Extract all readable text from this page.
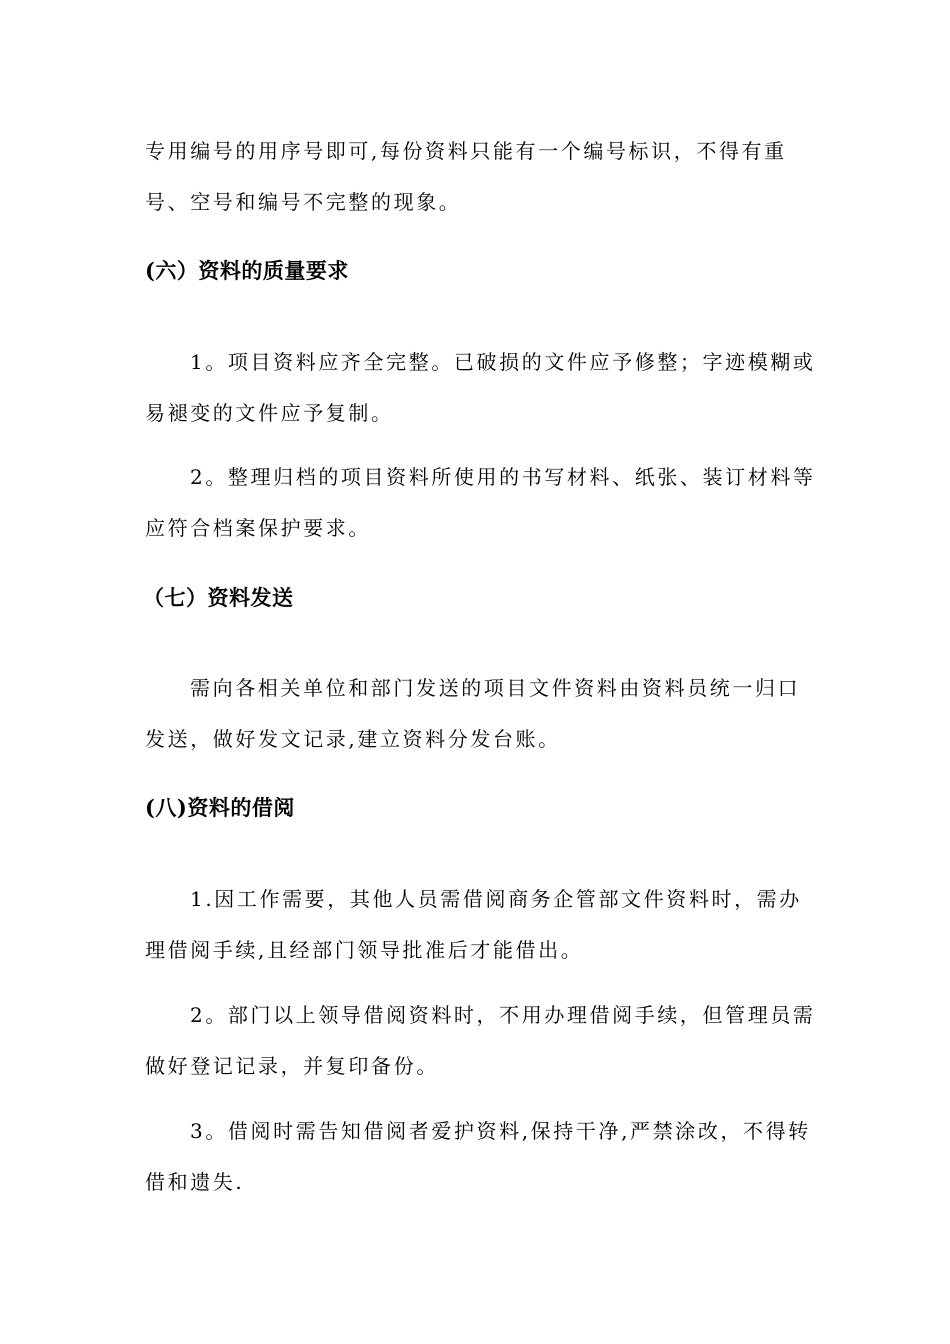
专用编号的用序号即可,每份资料只能有一个编号标识，不得有重
号、空号和编号不完整的现象。
(六）资料的质量要求
1。项目资料应齐全完整。已破损的文件应予修整；字迹模糊或
易褪变的文件应予复制。
2。整理归档的项目资料所使用的书写材料、纸张、装订材料等
应符合档案保护要求。
（七）资料发送
需向各相关单位和部门发送的项目文件资料由资料员统一归口
发送，做好发文记录,建立资料分发台账。
(八)资料的借阅
1.因工作需要，其他人员需借阅商务企管部文件资料时，需办
理借阅手续,且经部门领导批准后才能借出。
2。部门以上领导借阅资料时，不用办理借阅手续，但管理员需
做好登记记录，并复印备份。
3。借阅时需告知借阅者爱护资料,保持干净,严禁涂改，不得转
借和遗失.
